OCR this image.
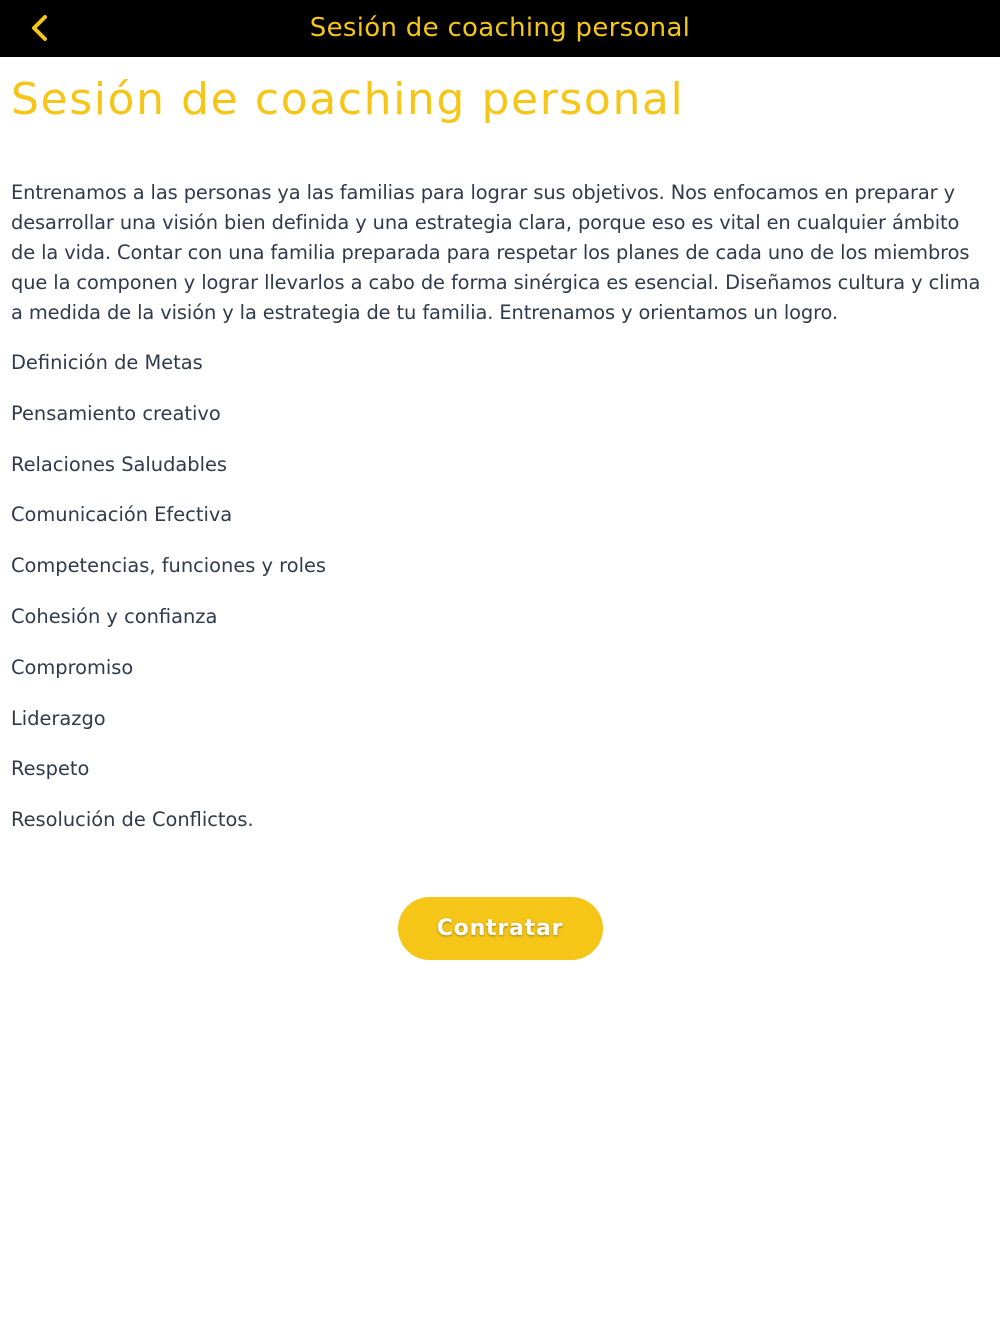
Sesión de coaching personal
Sesión de coaching personal

Entrenamos a las personas ya las familias para lograr sus objetivos. Nos enfocamos en preparar y desarrollar una visión bien definida y una estrategia clara, porque eso es vital en cualquier ámbito de la vida. Contar con una familia preparada para respetar los planes de cada uno de los miembros que la componen y lograr llevarlos a cabo de forma sinérgica es esencial. Diseñamos cultura y clima a medida de la visión y la estrategia de tu familia. Entrenamos y orientamos un logro.

Definición de Metas
Pensamiento creativo
Relaciones Saludables
Comunicación Efectiva
Competencias, funciones y roles
Cohesión y confianza
Compromiso
Liderazgo
Respeto
Resolución de Conflictos.
Contratar
